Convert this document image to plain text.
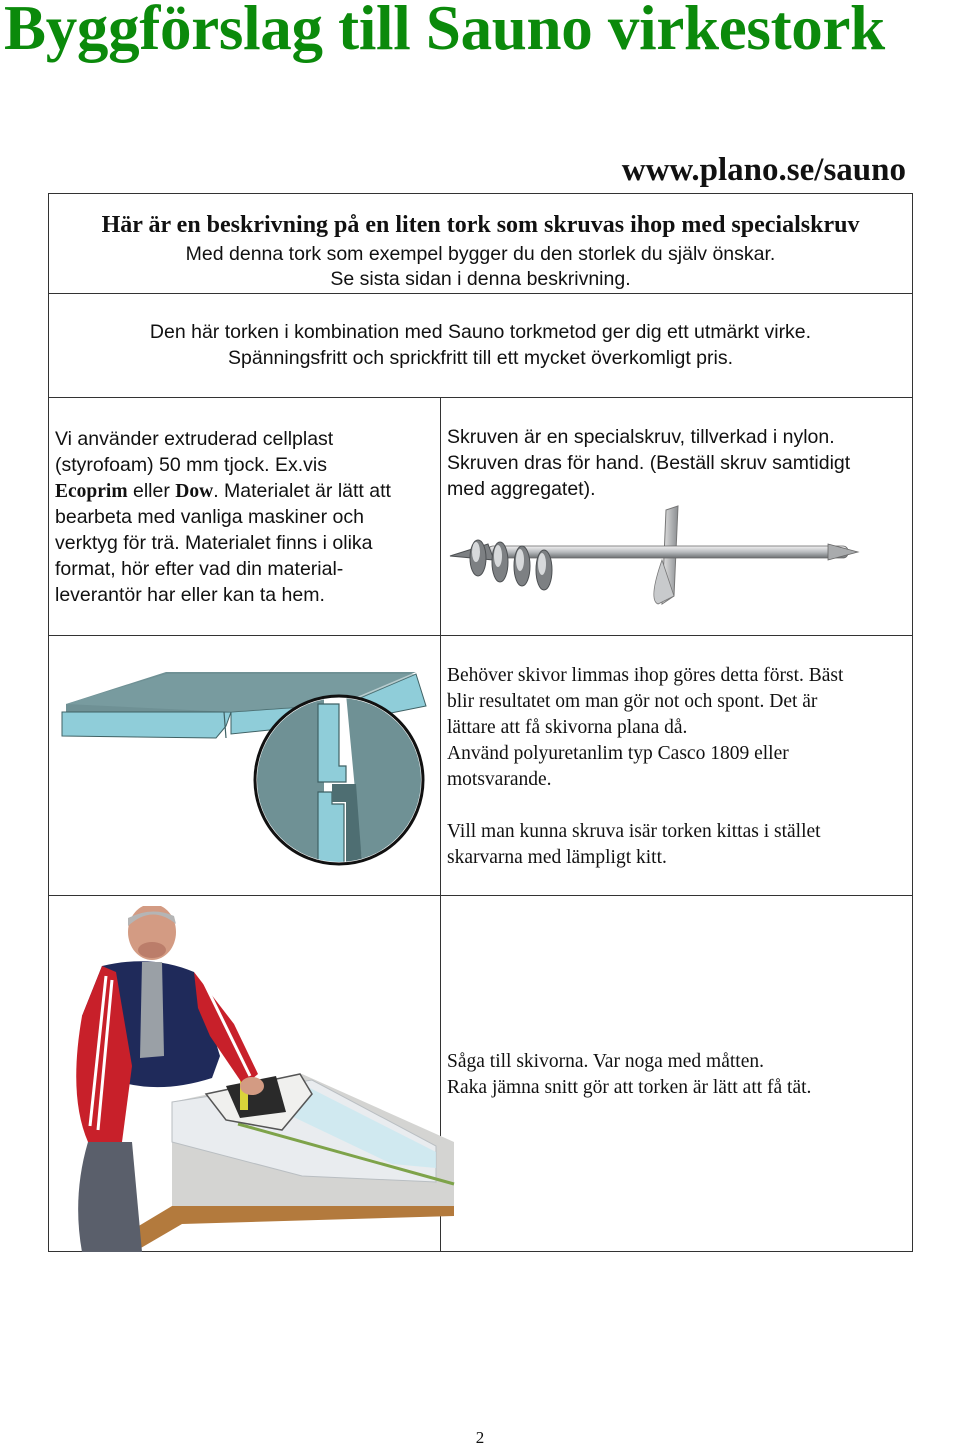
Byggförslag till Sauno virkestork
www.plano.se/sauno
Här är en beskrivning på en liten tork som skruvas ihop med specialskruv
Med denna tork som exempel bygger du den storlek du själv önskar.
Se sista sidan i denna beskrivning.
Den här torken i kombination med Sauno torkmetod ger dig ett utmärkt virke.
Spänningsfritt och sprickfritt till ett mycket överkomligt pris.
Vi använder extruderad cellplast
(styrofoam) 50 mm tjock. Ex.vis
Ecoprim eller Dow. Materialet är lätt att
bearbeta med vanliga maskiner och
verktyg för trä. Materialet finns i olika
format, hör efter vad din material-
leverantör har eller kan ta hem.
Skruven är en specialskruv, tillverkad i nylon.
Skruven dras för hand. (Beställ skruv samtidigt
med aggregatet).
Behöver skivor limmas ihop göres detta först. Bäst
blir resultatet om man gör not och spont. Det är
lättare att få skivorna plana då.
Använd polyuretanlim typ Casco 1809 eller
motsvarande.
Vill man kunna skruva isär torken kittas i stället
skarvarna med lämpligt kitt.
Såga till skivorna. Var noga med måtten.
Raka jämna snitt gör att torken är lätt att få tät.
2
